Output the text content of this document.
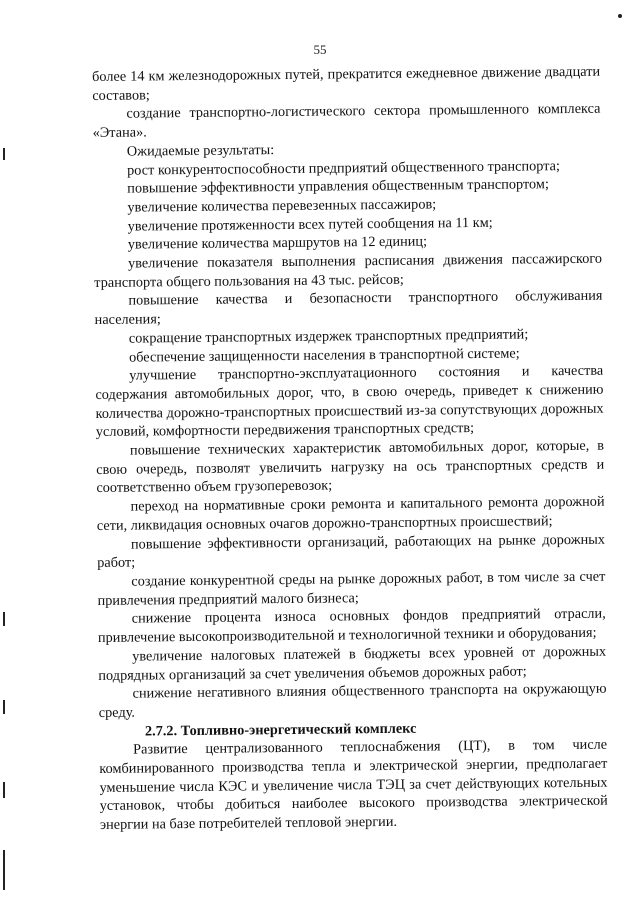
55

более 14 км железнодорожных путей, прекратится ежедневное движение двадцати составов;

создание транспортно-логистического сектора промышленного комплекса «Этана».

Ожидаемые результаты:

рост конкурентоспособности предприятий общественного транспорта;

повышение эффективности управления общественным транспортом;

увеличение количества перевезенных пассажиров;

увеличение протяженности всех путей сообщения на 11 км;

увеличение количества маршрутов на 12 единиц;

увеличение показателя выполнения расписания движения пассажирского транспорта общего пользования на 43 тыс. рейсов;

повышение качества и безопасности транспортного обслуживания населения;

сокращение транспортных издержек транспортных предприятий;

обеспечение защищенности населения в транспортной системе;

улучшение транспортно-эксплуатационного состояния и качества содержания автомобильных дорог, что, в свою очередь, приведет к снижению количества дорожно-транспортных происшествий из-за сопутствующих дорожных условий, комфортности передвижения транспортных средств;

повышение технических характеристик автомобильных дорог, которые, в свою очередь, позволят увеличить нагрузку на ось транспортных средств и соответственно объем грузоперевозок;

переход на нормативные сроки ремонта и капитального ремонта дорожной сети, ликвидация основных очагов дорожно-транспортных происшествий;

повышение эффективности организаций, работающих на рынке дорожных работ;

создание конкурентной среды на рынке дорожных работ, в том числе за счет привлечения предприятий малого бизнеса;

снижение процента износа основных фондов предприятий отрасли, привлечение высокопроизводительной и технологичной техники и оборудования;

увеличение налоговых платежей в бюджеты всех уровней от дорожных подрядных организаций за счет увеличения объемов дорожных работ;

снижение негативного влияния общественного транспорта на окружающую среду.

2.7.2. Топливно-энергетический комплекс

Развитие централизованного теплоснабжения (ЦТ), в том числе комбинированного производства тепла и электрической энергии, предполагает уменьшение числа КЭС и увеличение числа ТЭЦ за счет действующих котельных установок, чтобы добиться наиболее высокого производства электрической энергии на базе потребителей тепловой энергии.
